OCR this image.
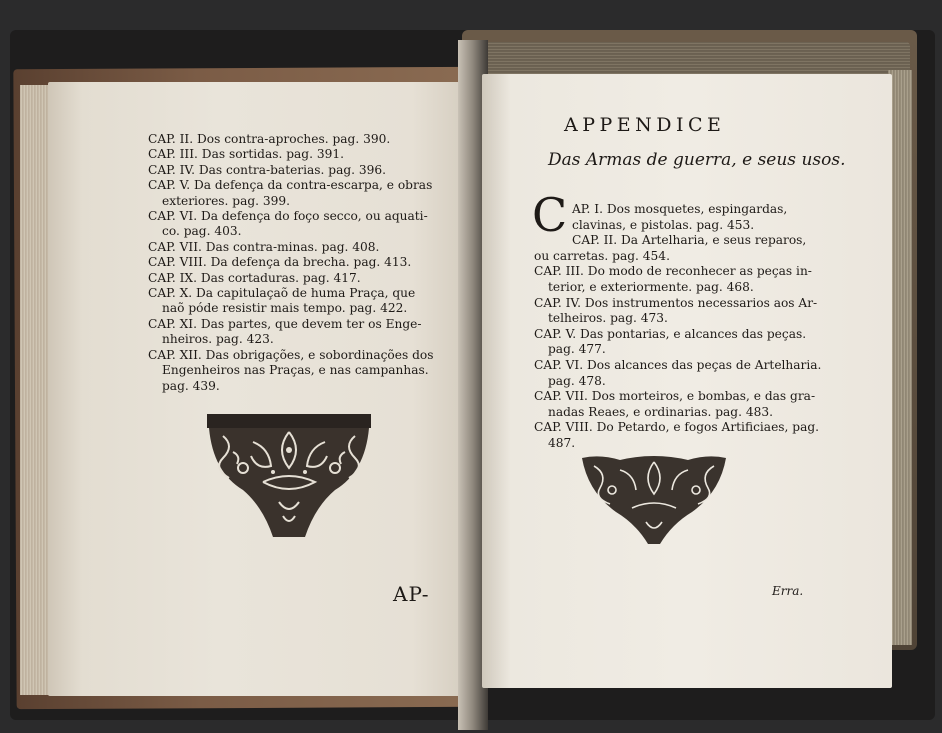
CAP. II. Dos contra-aproches. pag. 390.
CAP. III. Das sortidas. pag. 391.
CAP. IV. Das contra-baterias. pag. 396.
CAP. V. Da defença da contra-escarpa, e obras
exteriores. pag. 399.
CAP. VI. Da defença do foço secco, ou aquati-
co. pag. 403.
CAP. VII. Das contra-minas. pag. 408.
CAP. VIII. Da defença da brecha. pag. 413.
CAP. IX. Das cortaduras. pag. 417.
CAP. X. Da capitulaçaõ de huma Praça, que
naõ póde resistir mais tempo. pag. 422.
CAP. XI. Das partes, que devem ter os Enge-
nheiros. pag. 423.
CAP. XII. Das obrigações, e sobordinações dos
Engenheiros nas Praças, e nas campanhas.
pag. 439.
AP-
APPENDICE
Das Armas de guerra, e seus usos.
C AP. I. Dos mosquetes, espingardas,
clavinas, e pistolas. pag. 453.
CAP. II. Da Artelharia, e seus reparos,
ou carretas. pag. 454.
CAP. III. Do modo de reconhecer as peças in-
terior, e exteriormente. pag. 468.
CAP. IV. Dos instrumentos necessarios aos Ar-
telheiros. pag. 473.
CAP. V. Das pontarias, e alcances das peças.
pag. 477.
CAP. VI. Dos alcances das peças de Artelharia.
pag. 478.
CAP. VII. Dos morteiros, e bombas, e das gra-
nadas Reaes, e ordinarias. pag. 483.
CAP. VIII. Do Petardo, e fogos Artificiaes, pag.
487.
Erra.
